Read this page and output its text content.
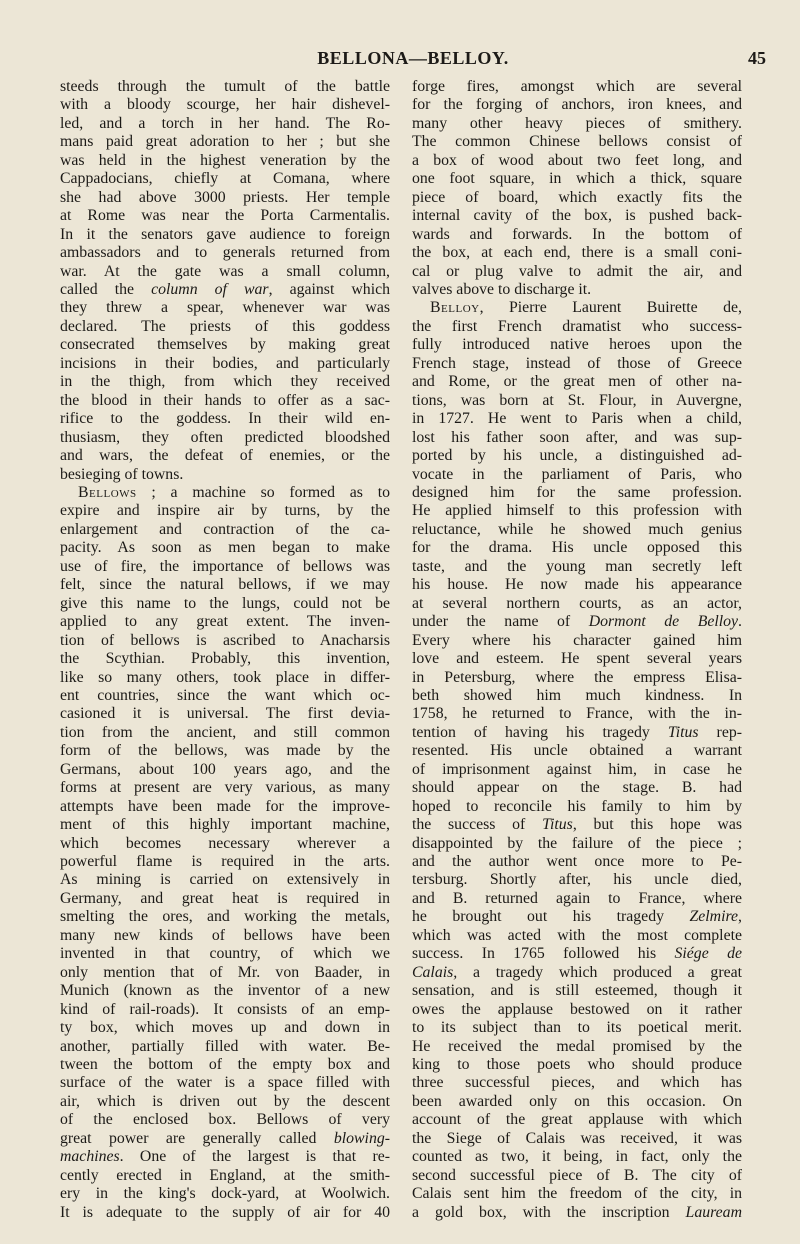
BELLONA—BELLOY.	45
steeds through the tumult of the battle
with a bloody scourge, her hair dishevel-
led, and a torch in her hand. The Ro-
mans paid great adoration to her ; but she
was held in the highest veneration by the
Cappadocians, chiefly at Comana, where
she had above 3000 priests. Her temple
at Rome was near the Porta Carmentalis.
In it the senators gave audience to foreign
ambassadors and to generals returned from
war. At the gate was a small column,
called the column of war, against which
they threw a spear, whenever war was
declared. The priests of this goddess
consecrated themselves by making great
incisions in their bodies, and particularly
in the thigh, from which they received
the blood in their hands to offer as a sac-
rifice to the goddess. In their wild en-
thusiasm, they often predicted bloodshed
and wars, the defeat of enemies, or the
besieging of towns.
Bellows ; a machine so formed as to
expire and inspire air by turns, by the
enlargement and contraction of the ca-
pacity. As soon as men began to make
use of fire, the importance of bellows was
felt, since the natural bellows, if we may
give this name to the lungs, could not be
applied to any great extent. The inven-
tion of bellows is ascribed to Anacharsis
the Scythian. Probably, this invention,
like so many others, took place in differ-
ent countries, since the want which oc-
casioned it is universal. The first devia-
tion from the ancient, and still common
form of the bellows, was made by the
Germans, about 100 years ago, and the
forms at present are very various, as many
attempts have been made for the improve-
ment of this highly important machine,
which becomes necessary wherever a
powerful flame is required in the arts.
As mining is carried on extensively in
Germany, and great heat is required in
smelting the ores, and working the metals,
many new kinds of bellows have been
invented in that country, of which we
only mention that of Mr. von Baader, in
Munich (known as the inventor of a new
kind of rail-roads). It consists of an emp-
ty box, which moves up and down in
another, partially filled with water. Be-
tween the bottom of the empty box and
surface of the water is a space filled with
air, which is driven out by the descent
of the enclosed box. Bellows of very
great power are generally called blowing-
machines. One of the largest is that re-
cently erected in England, at the smith-
ery in the king's dock-yard, at Woolwich.
It is adequate to the supply of air for 40
forge fires, amongst which are several
for the forging of anchors, iron knees, and
many other heavy pieces of smithery.
The common Chinese bellows consist of
a box of wood about two feet long, and
one foot square, in which a thick, square
piece of board, which exactly fits the
internal cavity of the box, is pushed back-
wards and forwards. In the bottom of
the box, at each end, there is a small coni-
cal or plug valve to admit the air, and
valves above to discharge it.
Belloy, Pierre Laurent Buirette de,
the first French dramatist who success-
fully introduced native heroes upon the
French stage, instead of those of Greece
and Rome, or the great men of other na-
tions, was born at St. Flour, in Auvergne,
in 1727. He went to Paris when a child,
lost his father soon after, and was sup-
ported by his uncle, a distinguished ad-
vocate in the parliament of Paris, who
designed him for the same profession.
He applied himself to this profession with
reluctance, while he showed much genius
for the drama. His uncle opposed this
taste, and the young man secretly left
his house. He now made his appearance
at several northern courts, as an actor,
under the name of Dormont de Belloy.
Every where his character gained him
love and esteem. He spent several years
in Petersburg, where the empress Elisa-
beth showed him much kindness. In
1758, he returned to France, with the in-
tention of having his tragedy Titus rep-
resented. His uncle obtained a warrant
of imprisonment against him, in case he
should appear on the stage. B. had
hoped to reconcile his family to him by
the success of Titus, but this hope was
disappointed by the failure of the piece ;
and the author went once more to Pe-
tersburg. Shortly after, his uncle died,
and B. returned again to France, where
he brought out his tragedy Zelmire,
which was acted with the most complete
success. In 1765 followed his Siége de
Calais, a tragedy which produced a great
sensation, and is still esteemed, though it
owes the applause bestowed on it rather
to its subject than to its poetical merit.
He received the medal promised by the
king to those poets who should produce
three successful pieces, and which has
been awarded only on this occasion. On
account of the great applause with which
the Siege of Calais was received, it was
counted as two, it being, in fact, only the
second successful piece of B. The city of
Calais sent him the freedom of the city, in
a gold box, with the inscription Lauream
